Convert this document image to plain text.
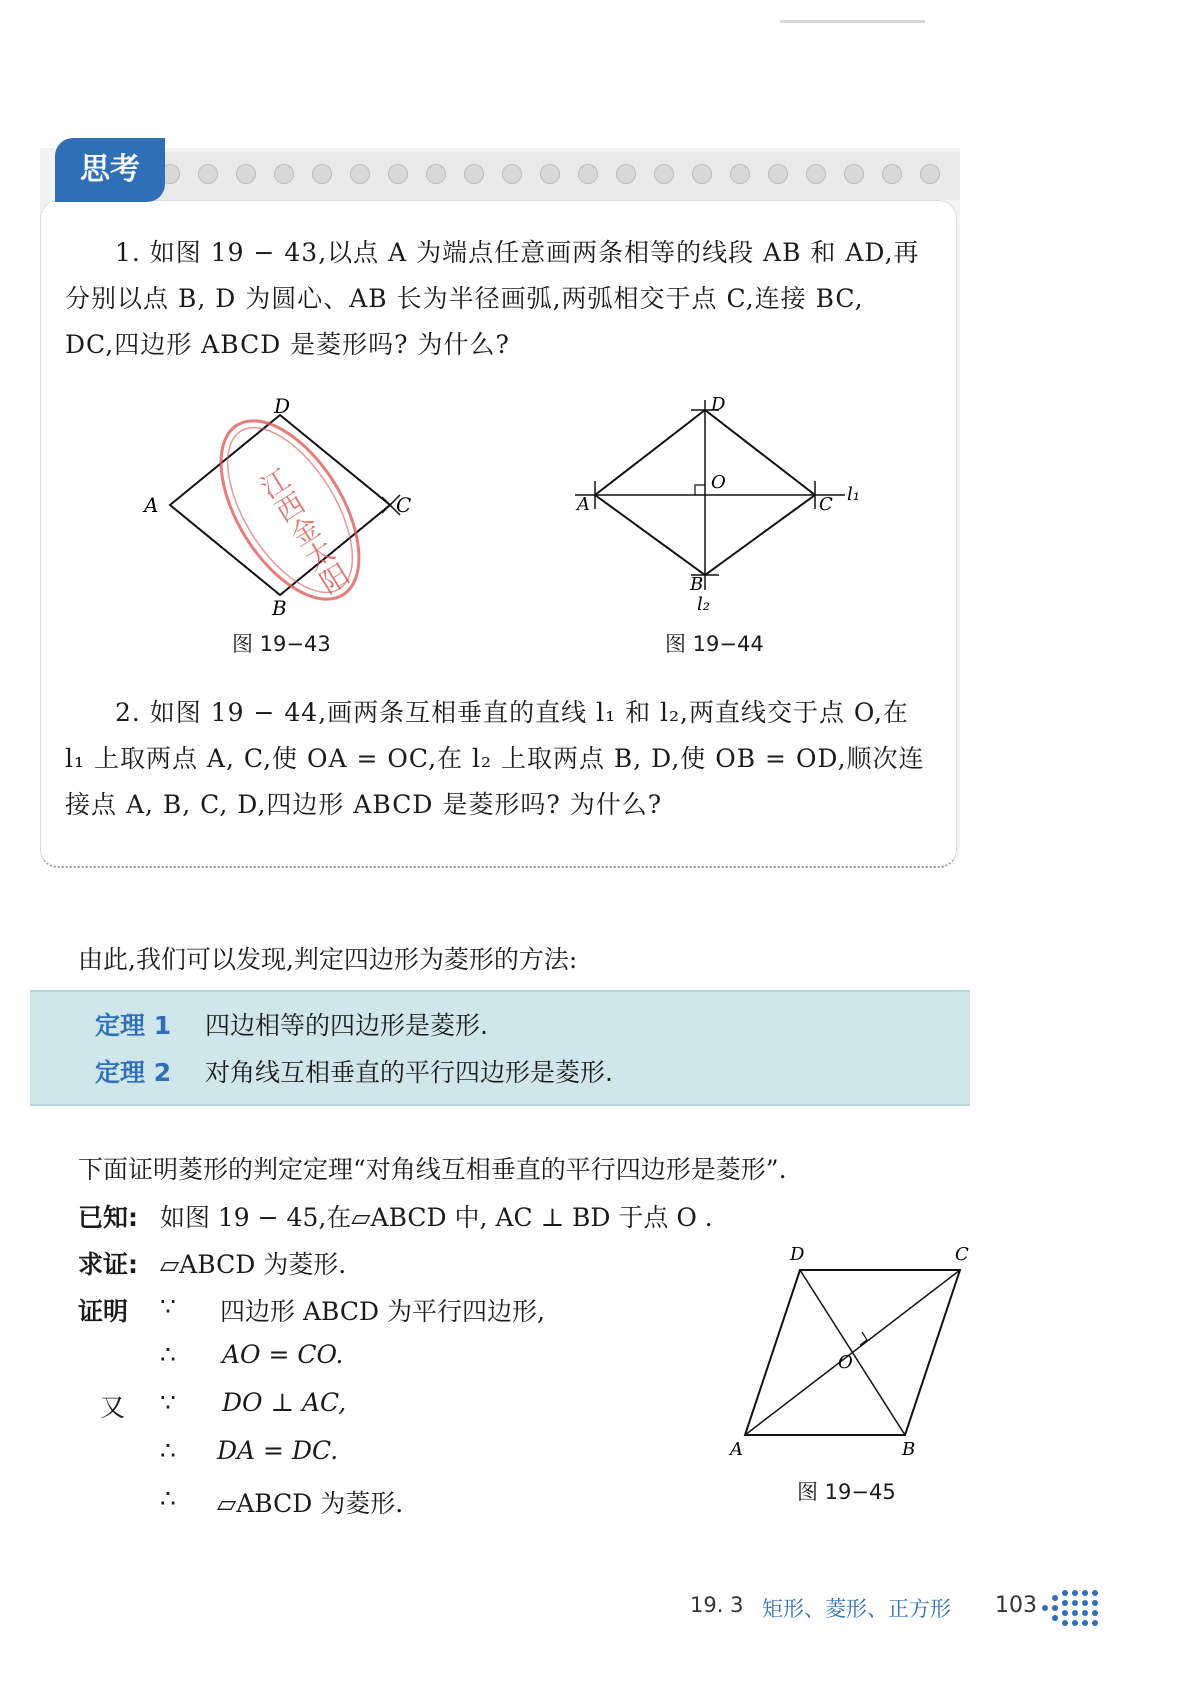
思考
1. 如图 19 − 43,以点 A 为端点任意画两条相等的线段 AB 和 AD,再
分别以点 B, D 为圆心、AB 长为半径画弧,两弧相交于点 C,连接 BC,
DC,四边形 ABCD 是菱形吗? 为什么?
A
B
C
D
江西金太阳
图 19−43
A
B
C
D
O
l₁
l₂
图 19−44
2. 如图 19 − 44,画两条互相垂直的直线 l₁ 和 l₂,两直线交于点 O,在
l₁ 上取两点 A, C,使 OA = OC,在 l₂ 上取两点 B, D,使 OB = OD,顺次连
接点 A, B, C, D,四边形 ABCD 是菱形吗? 为什么?
由此,我们可以发现,判定四边形为菱形的方法:
定理 1 四边相等的四边形是菱形.
定理 2 对角线互相垂直的平行四边形是菱形.
下面证明菱形的判定定理“对角线互相垂直的平行四边形是菱形”.
已知: 如图 19 − 45,在▱ABCD 中, AC ⊥ BD 于点 O .
求证: ▱ABCD 为菱形.
证明 ∵ 四边形 ABCD 为平行四边形,
∴ AO = CO.
又 ∵ DO ⊥ AC,
∴ DA = DC.
∴ ▱ABCD 为菱形.
A	B
C
D
O
图 19−45
19. 3 矩形、菱形、正方形 103
